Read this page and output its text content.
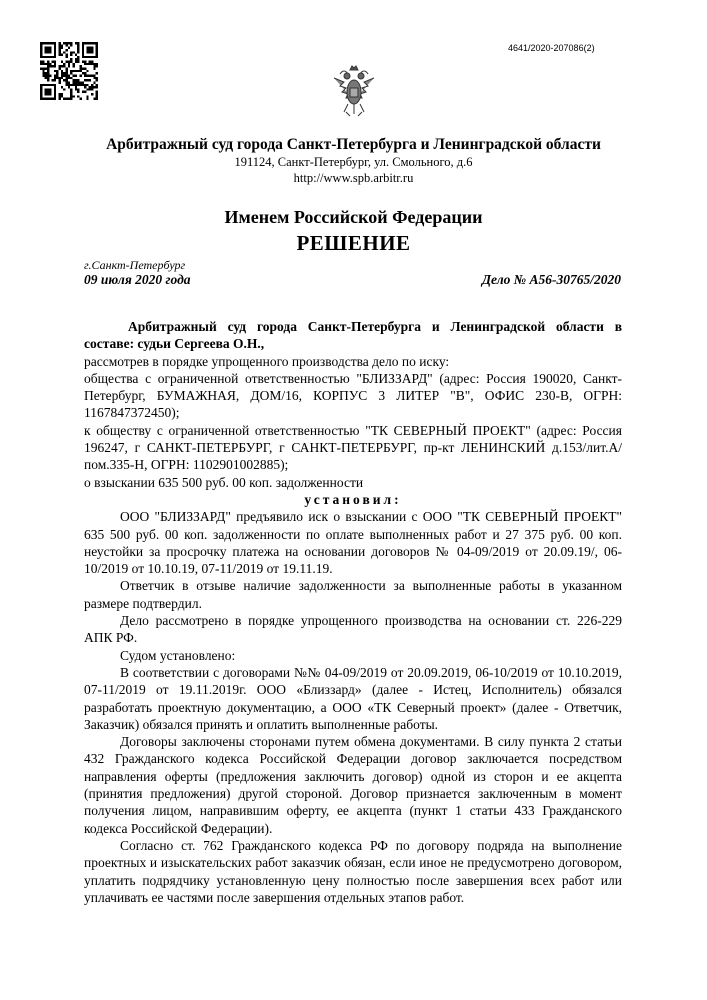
4641/2020-207086(2)
Арбитражный суд города Санкт-Петербурга и Ленинградской области
191124, Санкт-Петербург, ул. Смольного, д.6
http://www.spb.arbitr.ru
Именем Российской Федерации
РЕШЕНИЕ
г.Санкт-Петербург
09 июля 2020 года	Дело № А56-30765/2020

Арбитражный суд города Санкт-Петербурга и Ленинградской области в составе: судьи Сергеева О.Н.,

рассмотрев в порядке упрощенного производства дело по иску:

общества с ограниченной ответственностью "БЛИЗЗАРД" (адрес: Россия 190020, Санкт-Петербург, БУМАЖНАЯ, ДОМ/16, КОРПУС 3 ЛИТЕР "В", ОФИС 230-В, ОГРН: 1167847372450);

к обществу с ограниченной ответственностью "ТК СЕВЕРНЫЙ ПРОЕКТ" (адрес: Россия 196247, г САНКТ-ПЕТЕРБУРГ, г САНКТ-ПЕТЕРБУРГ, пр-кт ЛЕНИНСКИЙ д.153/лит.А/пом.335-Н, ОГРН: 1102901002885);

о взыскании 635 500 руб. 00 коп. задолженности

установил:

ООО "БЛИЗЗАРД" предъявило иск о взыскании с ООО "ТК СЕВЕРНЫЙ ПРОЕКТ" 635 500 руб. 00 коп. задолженности по оплате выполненных работ и 27 375 руб. 00 коп. неустойки за просрочку платежа на основании договоров № 04-09/2019 от 20.09.19/, 06-10/2019 от 10.10.19, 07-11/2019 от 19.11.19.

Ответчик в отзыве наличие задолженности за выполненные работы в указанном размере подтвердил.

Дело рассмотрено в порядке упрощенного производства на основании ст. 226-229 АПК РФ.

Судом установлено:

В соответствии с договорами №№ 04-09/2019 от 20.09.2019, 06-10/2019 от 10.10.2019, 07-11/2019 от 19.11.2019г. ООО «Близзард» (далее - Истец, Исполнитель) обязался разработать проектную документацию, а ООО «ТК Северный проект» (далее - Ответчик, Заказчик) обязался принять и оплатить выполненные работы.

Договоры заключены сторонами путем обмена документами. В силу пункта 2 статьи 432 Гражданского кодекса Российской Федерации договор заключается посредством направления оферты (предложения заключить договор) одной из сторон и ее акцепта (принятия предложения) другой стороной. Договор признается заключенным в момент получения лицом, направившим оферту, ее акцепта (пункт 1 статьи 433 Гражданского кодекса Российской Федерации).

Согласно ст. 762 Гражданского кодекса РФ по договору подряда на выполнение проектных и изыскательских работ заказчик обязан, если иное не предусмотрено договором, уплатить подрядчику установленную цену полностью после завершения всех работ или уплачивать ее частями после завершения отдельных этапов работ.
